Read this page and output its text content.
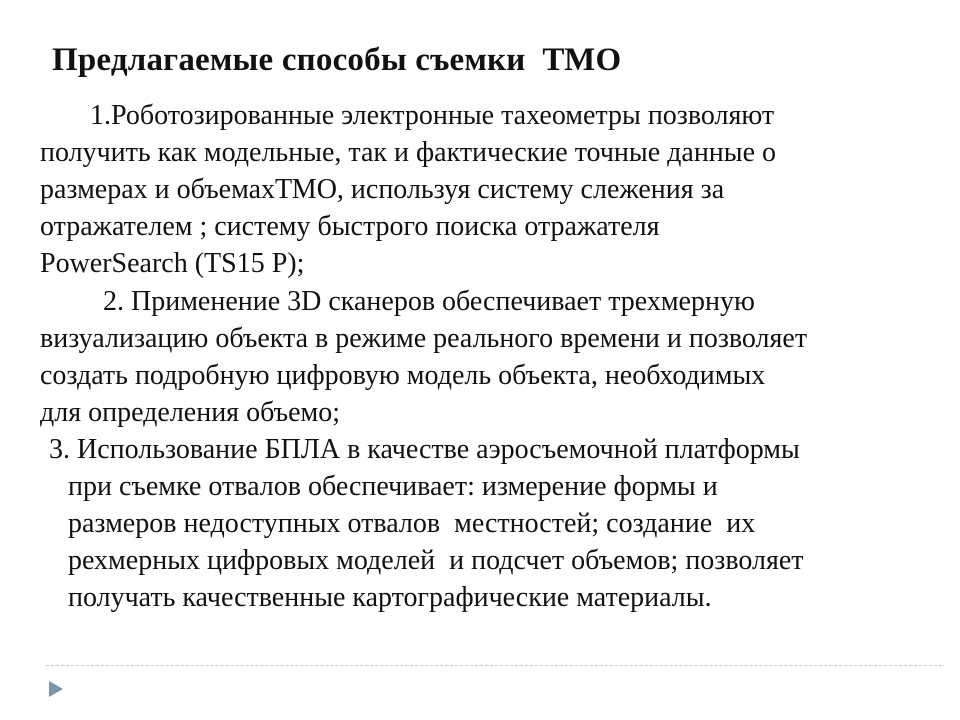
Предлагаемые способы съемки  ТМО

1.Роботозированные электронные тахеометры позволяют

получить как модельные, так и фактические точные данные о

размерах и объемахТМО, используя систему слежения за

отражателем ; систему быстрого поиска отражателя

PowerSearch (TS15 P);

2. Применение 3D сканеров обеспечивает трехмерную

визуализацию объекта в режиме реального времени и позволяет

создать подробную цифровую модель объекта, необходимых

для определения объемо;

3. Использование БПЛА в качестве аэросъемочной платформы

при съемке отвалов обеспечивает: измерение формы и

размеров недоступных отвалов  местностей; создание  их

рехмерных цифровых моделей  и подсчет объемов; позволяет

получать качественные картографические материалы.
